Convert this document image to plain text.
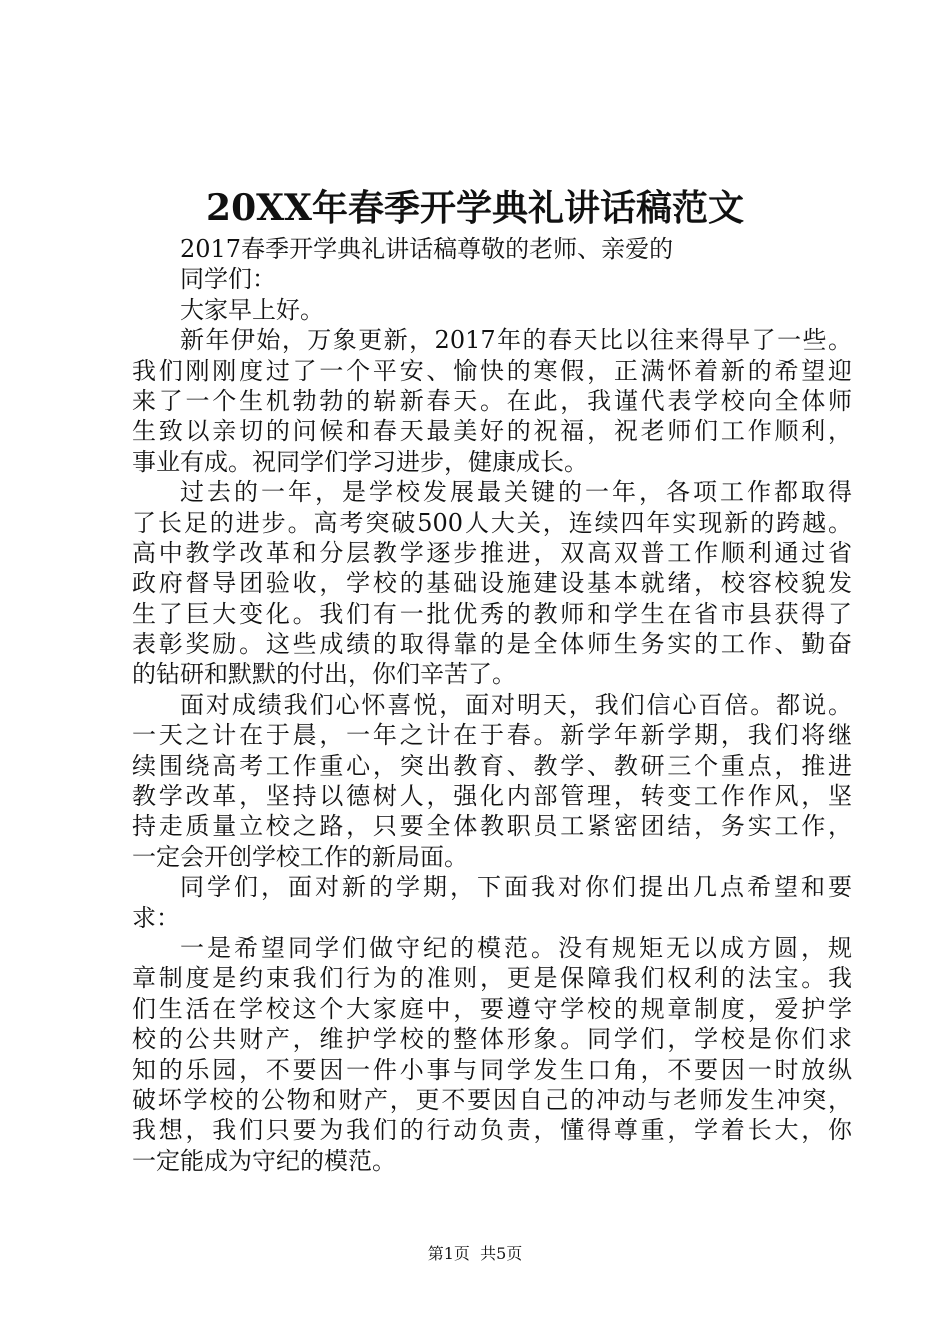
20XX年春季开学典礼讲话稿范文
2017春季开学典礼讲话稿尊敬的老师、亲爱的
同学们：
大家早上好。
新年伊始，万象更新，2017年的春天比以往来得早了一些。
我们刚刚度过了一个平安、愉快的寒假，正满怀着新的希望迎
来了一个生机勃勃的崭新春天。在此，我谨代表学校向全体师
生致以亲切的问候和春天最美好的祝福，祝老师们工作顺利，
事业有成。祝同学们学习进步，健康成长。
过去的一年，是学校发展最关键的一年，各项工作都取得
了长足的进步。高考突破500人大关，连续四年实现新的跨越。
高中教学改革和分层教学逐步推进，双高双普工作顺利通过省
政府督导团验收，学校的基础设施建设基本就绪，校容校貌发
生了巨大变化。我们有一批优秀的教师和学生在省市县获得了
表彰奖励。这些成绩的取得靠的是全体师生务实的工作、勤奋
的钻研和默默的付出，你们辛苦了。
面对成绩我们心怀喜悦，面对明天，我们信心百倍。都说。
一天之计在于晨，一年之计在于春。新学年新学期，我们将继
续围绕高考工作重心，突出教育、教学、教研三个重点，推进
教学改革，坚持以德树人，强化内部管理，转变工作作风，坚
持走质量立校之路，只要全体教职员工紧密团结，务实工作，
一定会开创学校工作的新局面。
同学们，面对新的学期，下面我对你们提出几点希望和要
求：
一是希望同学们做守纪的模范。没有规矩无以成方圆，规
章制度是约束我们行为的准则，更是保障我们权利的法宝。我
们生活在学校这个大家庭中，要遵守学校的规章制度，爱护学
校的公共财产，维护学校的整体形象。同学们，学校是你们求
知的乐园，不要因一件小事与同学发生口角，不要因一时放纵
破坏学校的公物和财产，更不要因自己的冲动与老师发生冲突，
我想，我们只要为我们的行动负责，懂得尊重，学着长大，你
一定能成为守纪的模范。
第1页  共5页
